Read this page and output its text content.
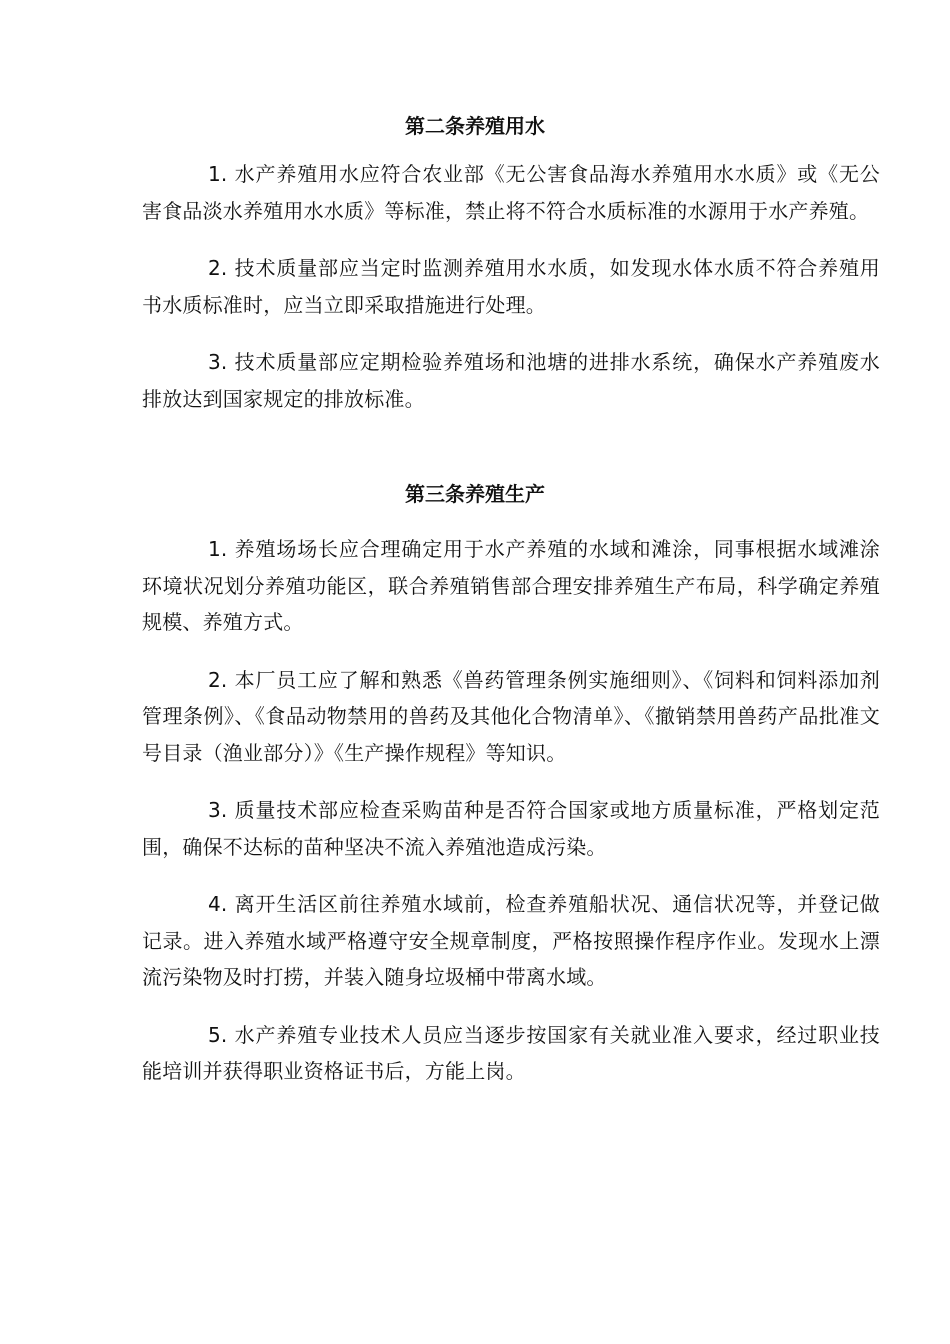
第二条养殖用水

1. 水产养殖用水应符合农业部《无公害食品海水养殖用水水质》或《无公害食品淡水养殖用水水质》等标准，禁止将不符合水质标准的水源用于水产养殖。

2. 技术质量部应当定时监测养殖用水水质，如发现水体水质不符合养殖用书水质标准时，应当立即采取措施进行处理。

3. 技术质量部应定期检验养殖场和池塘的进排水系统，确保水产养殖废水排放达到国家规定的排放标准。

第三条养殖生产

1. 养殖场场长应合理确定用于水产养殖的水域和滩涂，同事根据水域滩涂环境状况划分养殖功能区，联合养殖销售部合理安排养殖生产布局，科学确定养殖规模、养殖方式。

2. 本厂员工应了解和熟悉《兽药管理条例实施细则》、《饲料和饲料添加剂管理条例》、《食品动物禁用的兽药及其他化合物清单》、《撤销禁用兽药产品批准文号目录（渔业部分）》《生产操作规程》等知识。

3. 质量技术部应检查采购苗种是否符合国家或地方质量标准，严格划定范围，确保不达标的苗种坚决不流入养殖池造成污染。

4. 离开生活区前往养殖水域前，检查养殖船状况、通信状况等，并登记做记录。进入养殖水域严格遵守安全规章制度，严格按照操作程序作业。发现水上漂流污染物及时打捞，并装入随身垃圾桶中带离水域。

5. 水产养殖专业技术人员应当逐步按国家有关就业准入要求，经过职业技能培训并获得职业资格证书后，方能上岗。
